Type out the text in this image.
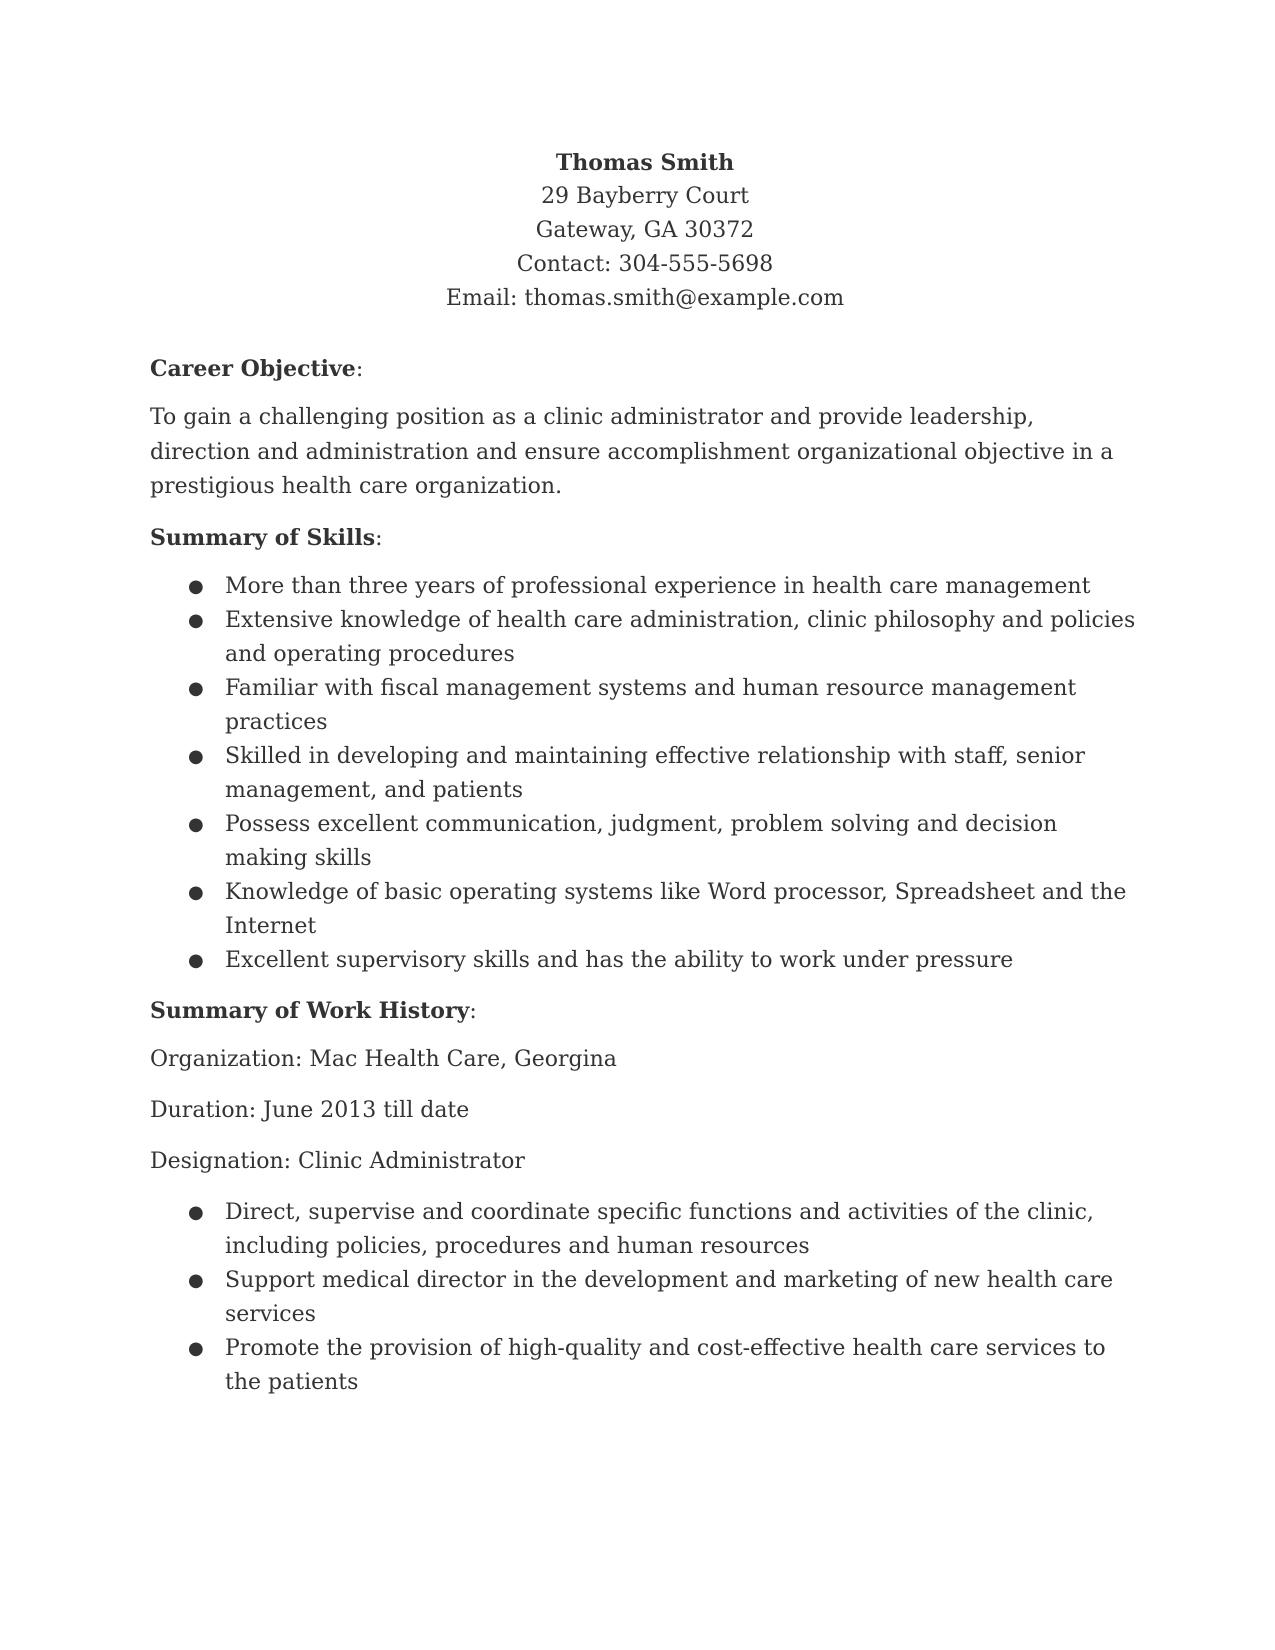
Thomas Smith
29 Bayberry Court
Gateway, GA 30372
Contact: 304-555-5698
Email: thomas.smith@example.com
Career Objective:
To gain a challenging position as a clinic administrator and provide leadership, direction and administration and ensure accomplishment organizational objective in a prestigious health care organization.
Summary of Skills:
● More than three years of professional experience in health care management
● Extensive knowledge of health care administration, clinic philosophy and policies and operating procedures
● Familiar with fiscal management systems and human resource management practices
● Skilled in developing and maintaining effective relationship with staff, senior management, and patients
● Possess excellent communication, judgment, problem solving and decision making skills
● Knowledge of basic operating systems like Word processor, Spreadsheet and the Internet
● Excellent supervisory skills and has the ability to work under pressure
Summary of Work History:
Organization: Mac Health Care, Georgina
Duration: June 2013 till date
Designation: Clinic Administrator
● Direct, supervise and coordinate specific functions and activities of the clinic, including policies, procedures and human resources
● Support medical director in the development and marketing of new health care services
● Promote the provision of high-quality and cost-effective health care services to the patients
